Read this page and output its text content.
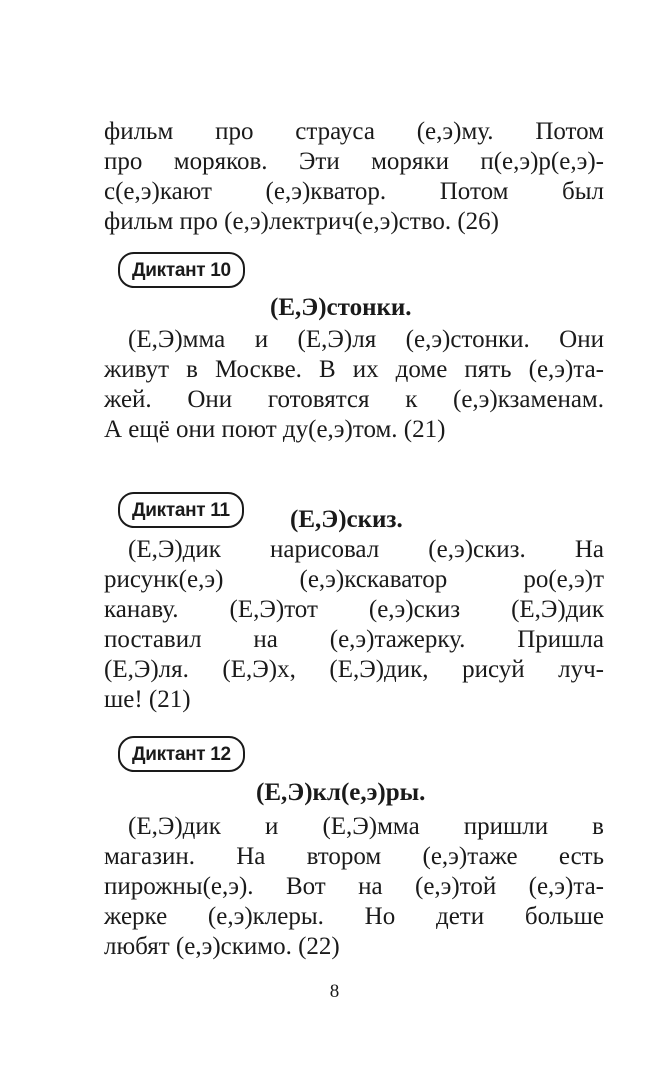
фильм про страуса (е,э)му. Потом
про моряков. Эти моряки п(е,э)р(е,э)-
с(е,э)кают (е,э)кватор. Потом был
фильм про (е,э)лектрич(е,э)ство. (26)
Диктант 10
(Е,Э)стонки.
(Е,Э)мма и (Е,Э)ля (е,э)стонки. Они
живут в Москве. В их доме пять (е,э)та-
жей. Они готовятся к (е,э)кзаменам.
А ещё они поют ду(е,э)том. (21)
Диктант 11	(Е,Э)скиз.
(Е,Э)дик нарисовал (е,э)скиз. На
рисунк(е,э) (е,э)кскаватор ро(е,э)т
канаву. (Е,Э)тот (е,э)скиз (Е,Э)дик
поставил на (е,э)тажерку. Пришла
(Е,Э)ля. (Е,Э)х, (Е,Э)дик, рисуй луч-
ше! (21)
Диктант 12
(Е,Э)кл(е,э)ры.
(Е,Э)дик и (Е,Э)мма пришли в
магазин. На втором (е,э)таже есть
пирожны(е,э). Вот на (е,э)той (е,э)та-
жерке (е,э)клеры. Но дети больше
любят (е,э)скимо. (22)
8
